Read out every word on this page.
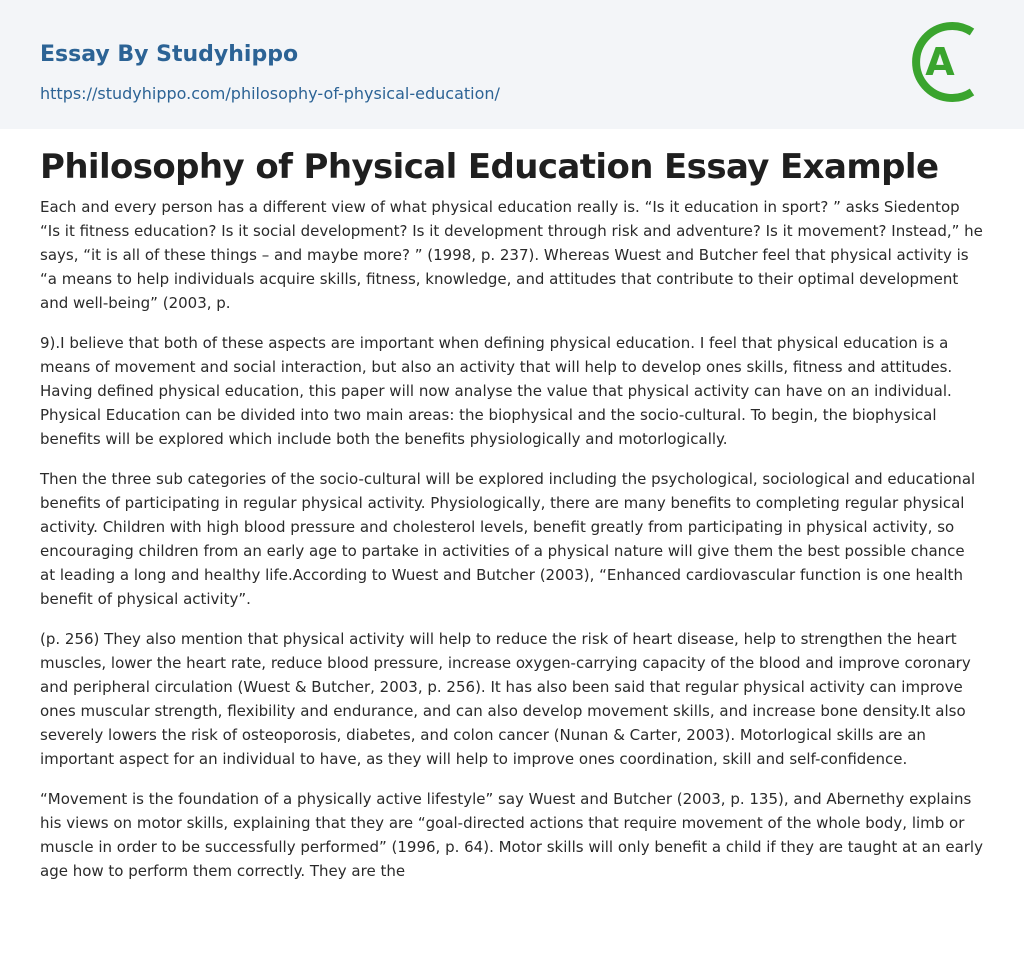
Essay By Studyhippo
https://studyhippo.com/philosophy-of-physical-education/
A
Philosophy of Physical Education Essay Example

Each and every person has a different view of what physical education really is. “Is it education in sport? ” asks Siedentop “Is it fitness education? Is it social development? Is it development through risk and adventure? Is it movement? Instead,” he says, “it is all of these things – and maybe more? ” (1998, p. 237). Whereas Wuest and Butcher feel that physical activity is “a means to help individuals acquire skills, fitness, knowledge, and attitudes that contribute to their optimal development and well-being” (2003, p.

9).I believe that both of these aspects are important when defining physical education. I feel that physical education is a means of movement and social interaction, but also an activity that will help to develop ones skills, fitness and attitudes. Having defined physical education, this paper will now analyse the value that physical activity can have on an individual. Physical Education can be divided into two main areas: the biophysical and the socio-cultural. To begin, the biophysical benefits will be explored which include both the benefits physiologically and motorlogically.

Then the three sub categories of the socio-cultural will be explored including the psychological, sociological and educational benefits of participating in regular physical activity. Physiologically, there are many benefits to completing regular physical activity. Children with high blood pressure and cholesterol levels, benefit greatly from participating in physical activity, so encouraging children from an early age to partake in activities of a physical nature will give them the best possible chance at leading a long and healthy life.According to Wuest and Butcher (2003), “Enhanced cardiovascular function is one health benefit of physical activity”.

(p. 256) They also mention that physical activity will help to reduce the risk of heart disease, help to strengthen the heart muscles, lower the heart rate, reduce blood pressure, increase oxygen-carrying capacity of the blood and improve coronary and peripheral circulation (Wuest & Butcher, 2003, p. 256). It has also been said that regular physical activity can improve ones muscular strength, flexibility and endurance, and can also develop movement skills, and increase bone density.It also severely lowers the risk of osteoporosis, diabetes, and colon cancer (Nunan & Carter, 2003). Motorlogical skills are an important aspect for an individual to have, as they will help to improve ones coordination, skill and self-confidence.

“Movement is the foundation of a physically active lifestyle” say Wuest and Butcher (2003, p. 135), and Abernethy explains his views on motor skills, explaining that they are “goal-directed actions that require movement of the whole body, limb or muscle in order to be successfully performed” (1996, p. 64). Motor skills will only benefit a child if they are taught at an early age how to perform them correctly. They are the
